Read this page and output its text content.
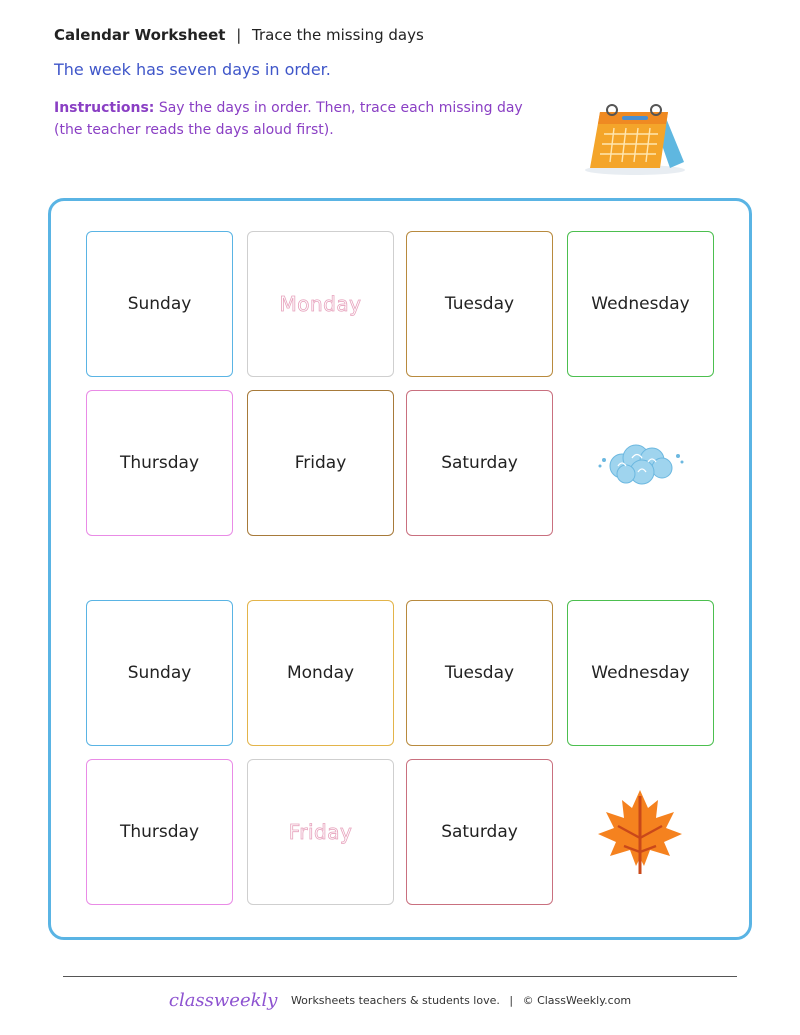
Calendar Worksheet | Trace the missing days
The week has seven days in order.
Instructions: Say the days in order. Then, trace each missing day (the teacher reads the days aloud first).
Sunday	Monday	Tuesday	Wednesday
Thursday	Friday	Saturday
Sunday	Monday	Tuesday	Wednesday
Thursday	Friday	Saturday
classweekly Worksheets teachers & students love. | © ClassWeekly.com
